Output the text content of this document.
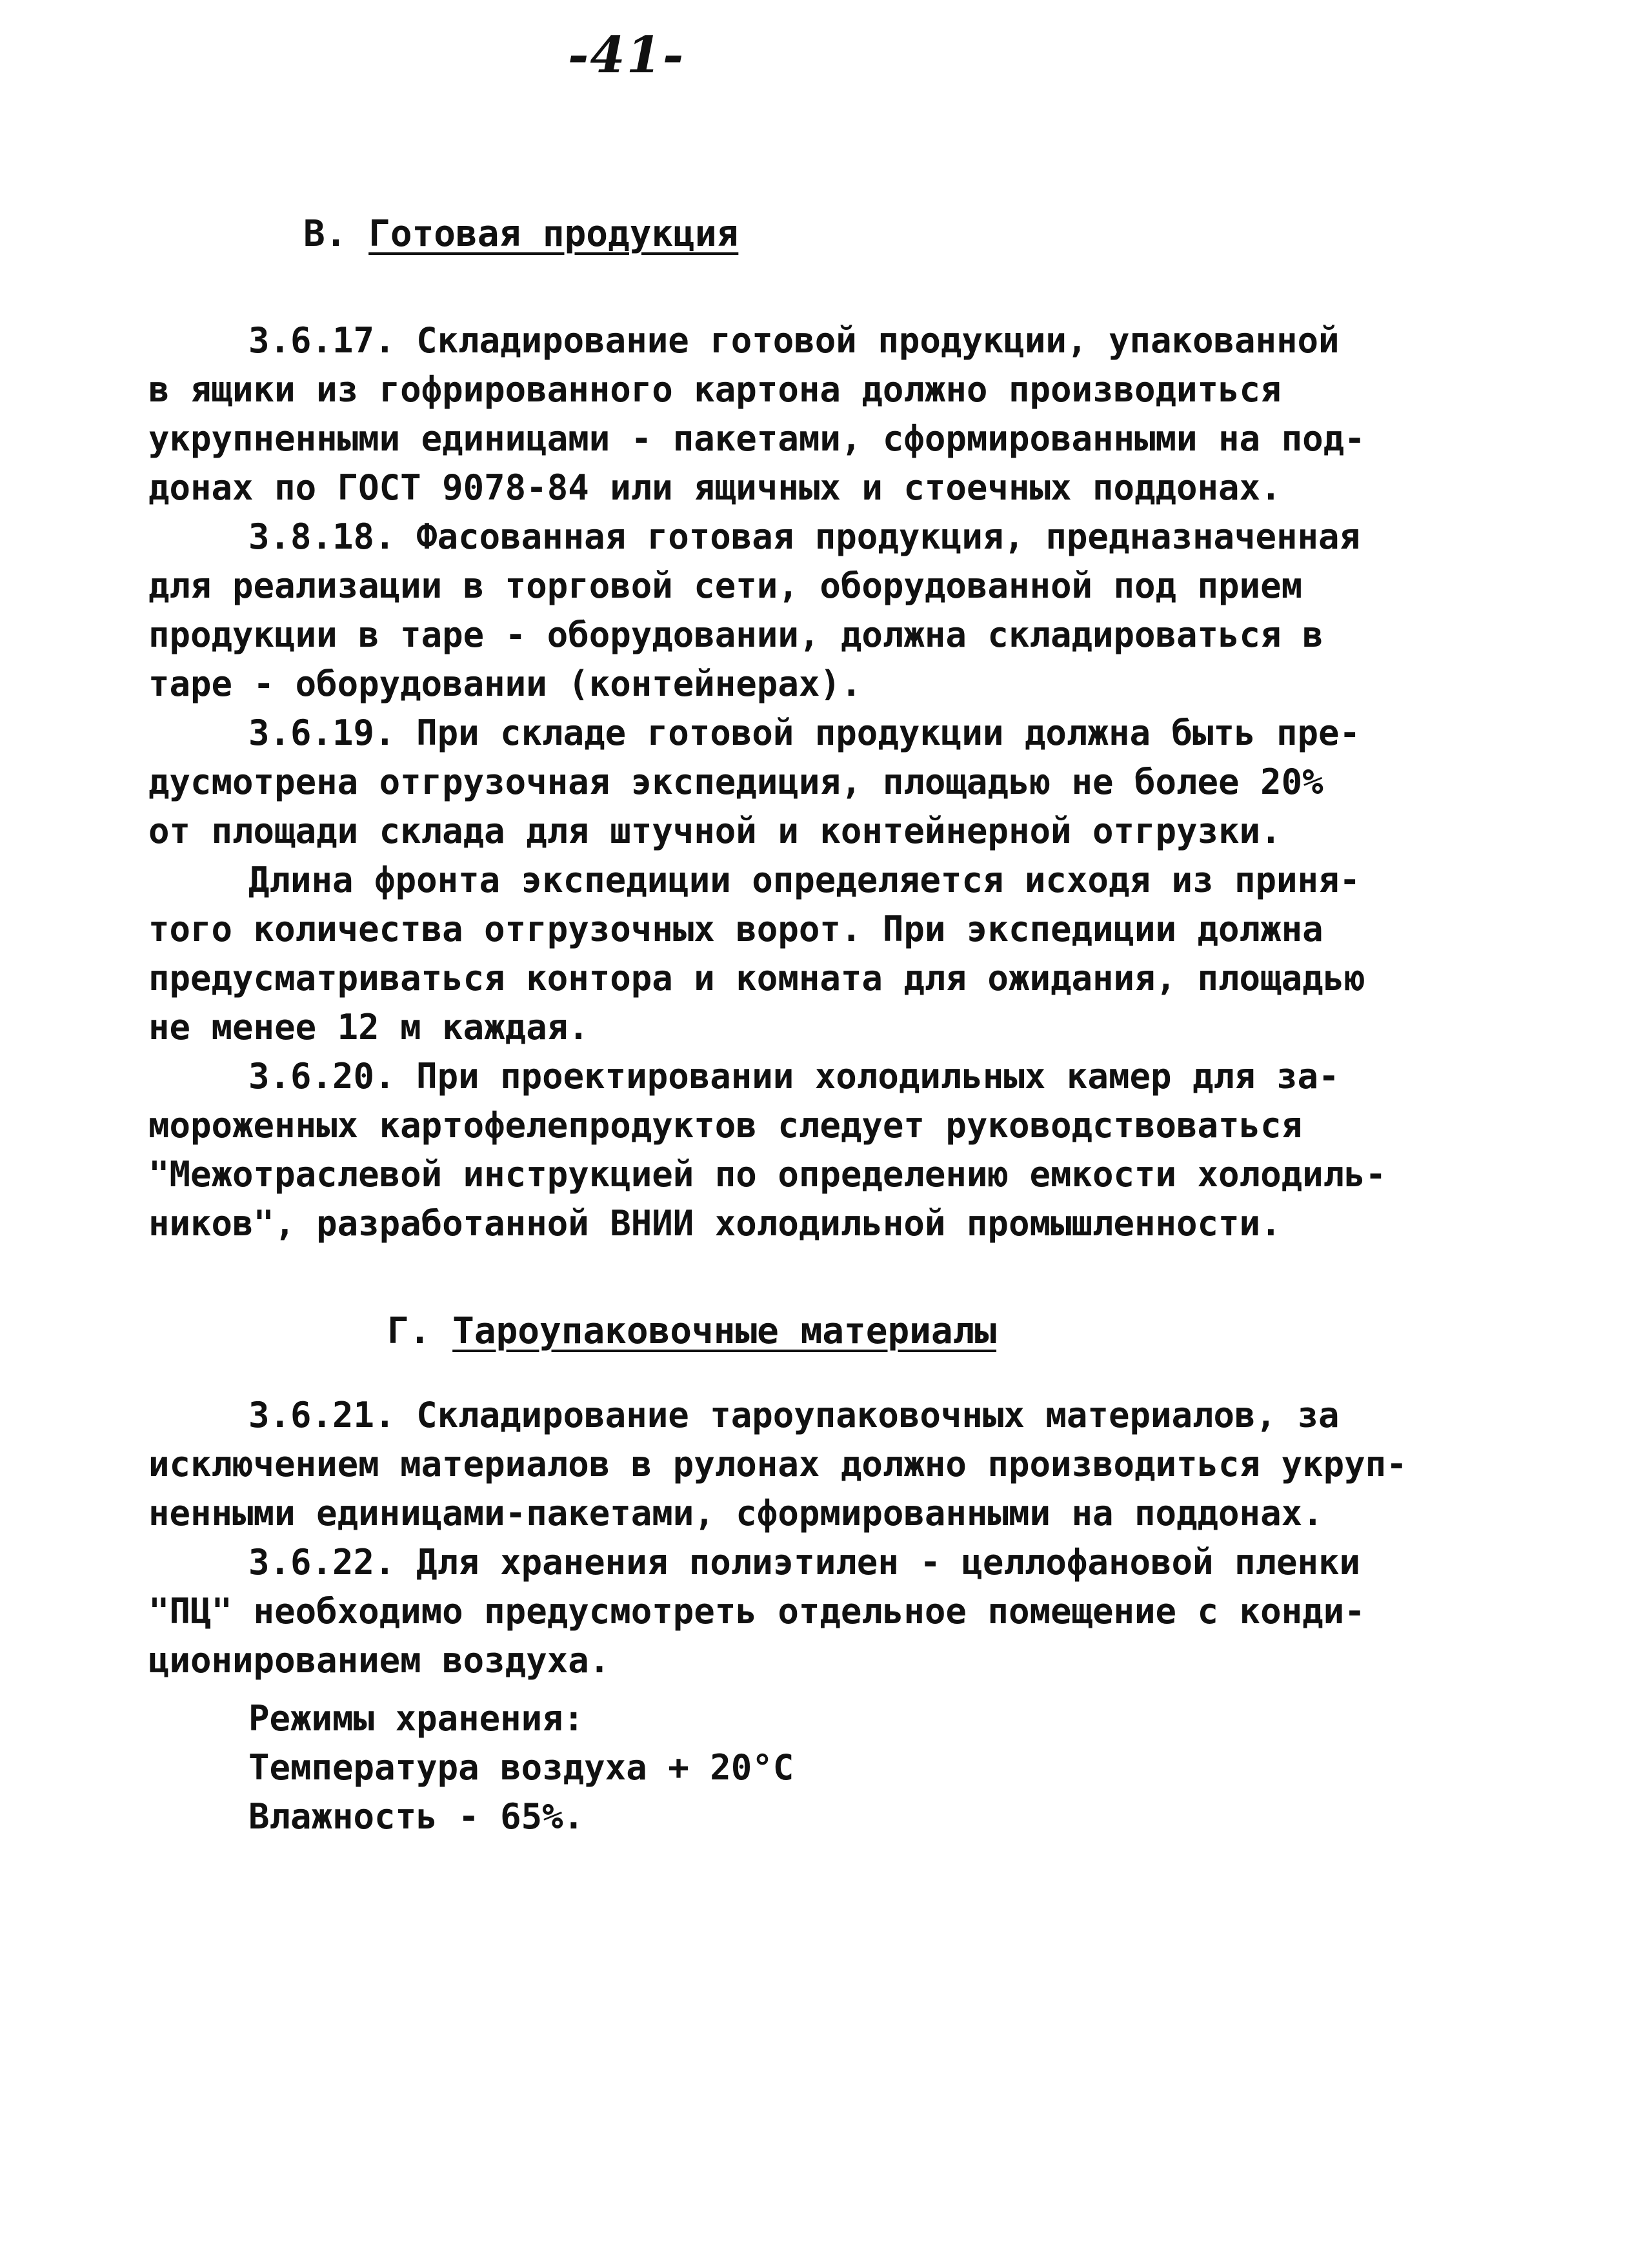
-41-
В. Готовая продукция
3.6.17. Складирование готовой продукции, упакованной
в ящики из гофрированного картона должно производиться
укрупненными единицами - пакетами, сформированными на под-
донах по ГОСТ 9078-84 или ящичных и стоечных поддонах.
3.8.18. Фасованная готовая продукция, предназначенная
для реализации в торговой сети, оборудованной под прием
продукции в таре - оборудовании, должна складироваться в
таре - оборудовании (контейнерах).
3.6.19. При складе готовой продукции должна быть пре-
дусмотрена отгрузочная экспедиция, площадью не более 20%
от площади склада для штучной и контейнерной отгрузки.
Длина фронта экспедиции определяется исходя из приня-
того количества отгрузочных ворот. При экспедиции должна
предусматриваться контора и комната для ожидания, площадью
не менее 12 м каждая.
3.6.20. При проектировании холодильных камер для за-
мороженных картофелепродуктов следует руководствоваться
"Межотраслевой инструкцией по определению емкости холодиль-
ников", разработанной ВНИИ холодильной промышленности.
Г. Тароупаковочные материалы
3.6.21. Складирование тароупаковочных материалов, за
исключением материалов в рулонах должно производиться укруп-
ненными единицами-пакетами, сформированными на поддонах.
3.6.22. Для хранения полиэтилен - целлофановой пленки
"ПЦ" необходимо предусмотреть отдельное помещение с конди-
ционированием воздуха.
Режимы хранения:
Температура воздуха + 20°С
Влажность - 65%.
